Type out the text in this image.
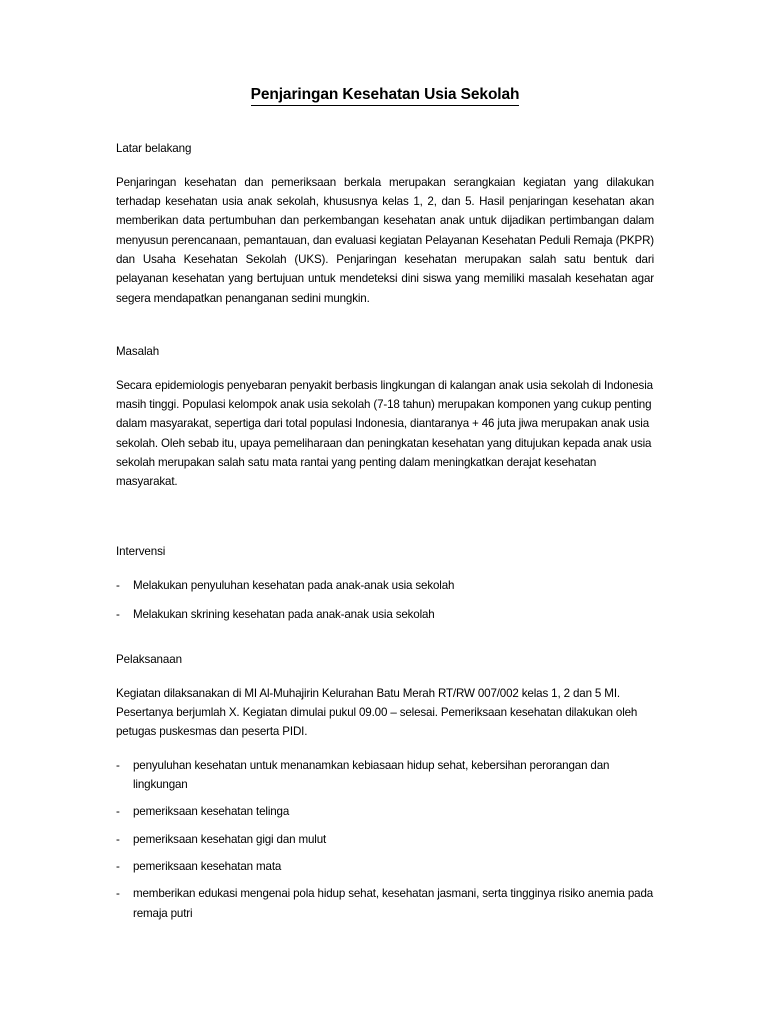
Penjaringan Kesehatan Usia Sekolah
Latar belakang

Penjaringan kesehatan dan pemeriksaan berkala merupakan serangkaian kegiatan yang dilakukan terhadap kesehatan usia anak sekolah, khususnya kelas 1, 2, dan 5. Hasil penjaringan kesehatan akan memberikan data pertumbuhan dan perkembangan kesehatan anak untuk dijadikan pertimbangan dalam menyusun perencanaan, pemantauan, dan evaluasi kegiatan Pelayanan Kesehatan Peduli Remaja (PKPR) dan Usaha Kesehatan Sekolah (UKS). Penjaringan kesehatan merupakan salah satu bentuk dari pelayanan kesehatan yang bertujuan untuk mendeteksi dini siswa yang memiliki masalah kesehatan agar segera mendapatkan penanganan sedini mungkin.

Masalah

Secara epidemiologis penyebaran penyakit berbasis lingkungan di kalangan anak usia sekolah di Indonesia masih tinggi. Populasi kelompok anak usia sekolah (7-18 tahun) merupakan komponen yang cukup penting dalam masyarakat, sepertiga dari total populasi Indonesia, diantaranya + 46 juta jiwa merupakan anak usia sekolah. Oleh sebab itu, upaya pemeliharaan dan peningkatan kesehatan yang ditujukan kepada anak usia sekolah merupakan salah satu mata rantai yang penting dalam meningkatkan derajat kesehatan masyarakat.

Intervensi
-	Melakukan penyuluhan kesehatan pada anak-anak usia sekolah
-	Melakukan skrining kesehatan pada anak-anak usia sekolah
Pelaksanaan

Kegiatan dilaksanakan di MI Al-Muhajirin Kelurahan Batu Merah RT/RW 007/002 kelas 1, 2 dan 5 MI. Pesertanya berjumlah X. Kegiatan dimulai pukul 09.00 – selesai. Pemeriksaan kesehatan dilakukan oleh petugas puskesmas dan peserta PIDI.

-	penyuluhan kesehatan untuk menanamkan kebiasaan hidup sehat, kebersihan perorangan dan lingkungan
-	pemeriksaan kesehatan telinga
-	pemeriksaan kesehatan gigi dan mulut
-	pemeriksaan kesehatan mata
-	memberikan edukasi mengenai pola hidup sehat, kesehatan jasmani, serta tingginya risiko anemia pada remaja putri
